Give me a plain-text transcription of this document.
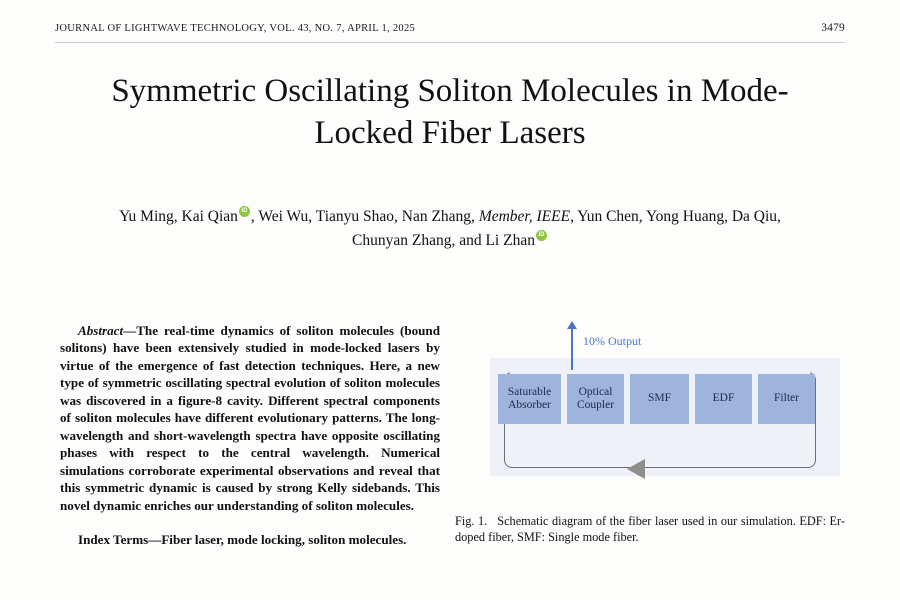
JOURNAL OF LIGHTWAVE TECHNOLOGY, VOL. 43, NO. 7, APRIL 1, 2025	3479
Symmetric Oscillating Soliton Molecules in Mode-Locked Fiber Lasers
Yu Ming, Kai Qian iD , Wei Wu, Tianyu Shao, Nan Zhang, Member, IEEE, Yun Chen, Yong Huang, Da Qiu,
Chunyan Zhang, and Li ZhaniD

Abstract—The real-time dynamics of soliton molecules (bound solitons) have been extensively studied in mode-locked lasers by virtue of the emergence of fast detection techniques. Here, a new type of symmetric oscillating spectral evolution of soliton molecules was discovered in a figure-8 cavity. Different spectral components of soliton molecules have different evolutionary patterns. The long-wavelength and short-wavelength spectra have opposite oscillating phases with respect to the central wavelength. Numerical simulations corroborate experimental observations and reveal that this symmetric dynamic is caused by strong Kelly sidebands. This novel dynamic enriches our understanding of soliton molecules.

Index Terms—Fiber laser, mode locking, soliton molecules.

Saturable Absorber
Optical Coupler
SMF	EDF	Filter
10% Output
Fig. 1. Schematic diagram of the fiber laser used in our simulation. EDF: Er-doped fiber, SMF: Single mode fiber.
